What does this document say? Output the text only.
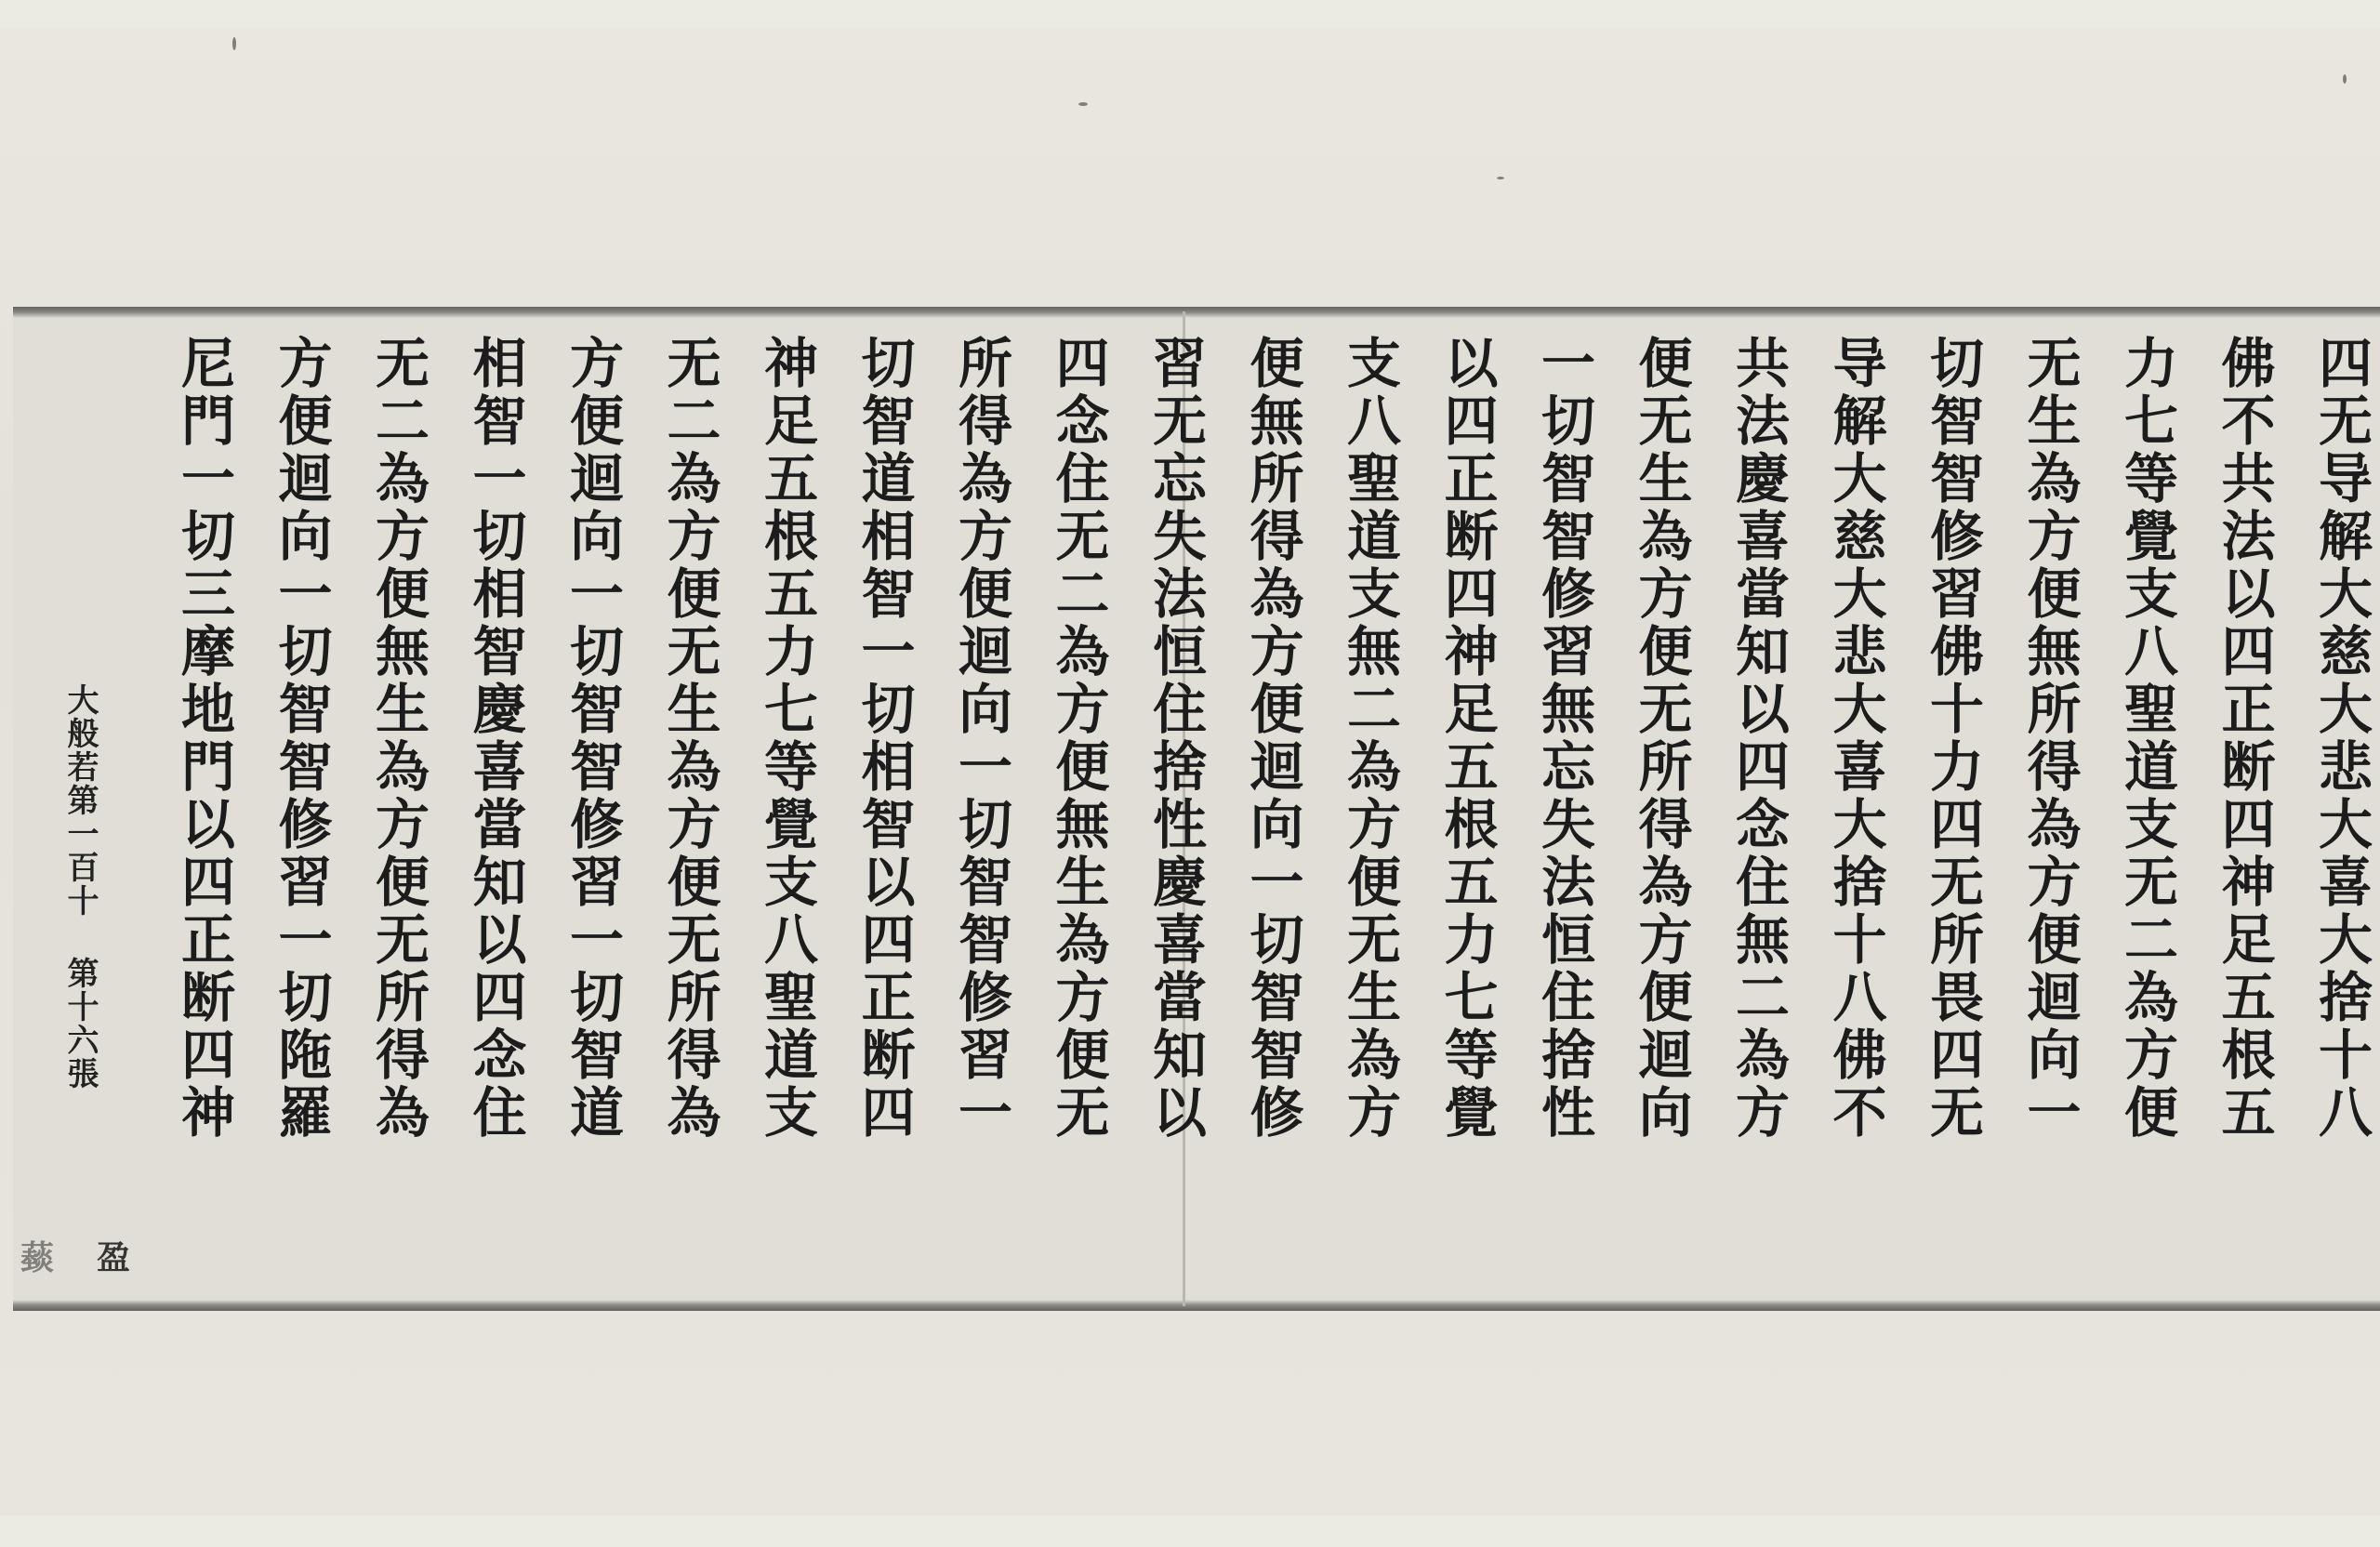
四无导解大慈大悲大喜大捨十八
佛不共法以四正断四神足五根五
力七等覺支八聖道支无二為方便
无生為方便無所得為方便迴向一
切智智修習佛十力四无所畏四无
导解大慈大悲大喜大捨十八佛不
共法慶喜當知以四念住無二為方
便无生為方便无所得為方便迴向
一切智智修習無忘失法恒住捨性
以四正断四神足五根五力七等覺
支八聖道支無二為方便无生為方
便無所得為方便迴向一切智智修
習无忘失法恒住捨性慶喜當知以
四念住无二為方便無生為方便无
所得為方便迴向一切智智修習一
切智道相智一切相智以四正断四
神足五根五力七等覺支八聖道支
无二為方便无生為方便无所得為
方便迴向一切智智修習一切智道
相智一切相智慶喜當知以四念住
无二為方便無生為方便无所得為
方便迴向一切智智修習一切陁羅
尼門一切三摩地門以四正断四神
大般若第一百十 第十六張
盈
䕭
